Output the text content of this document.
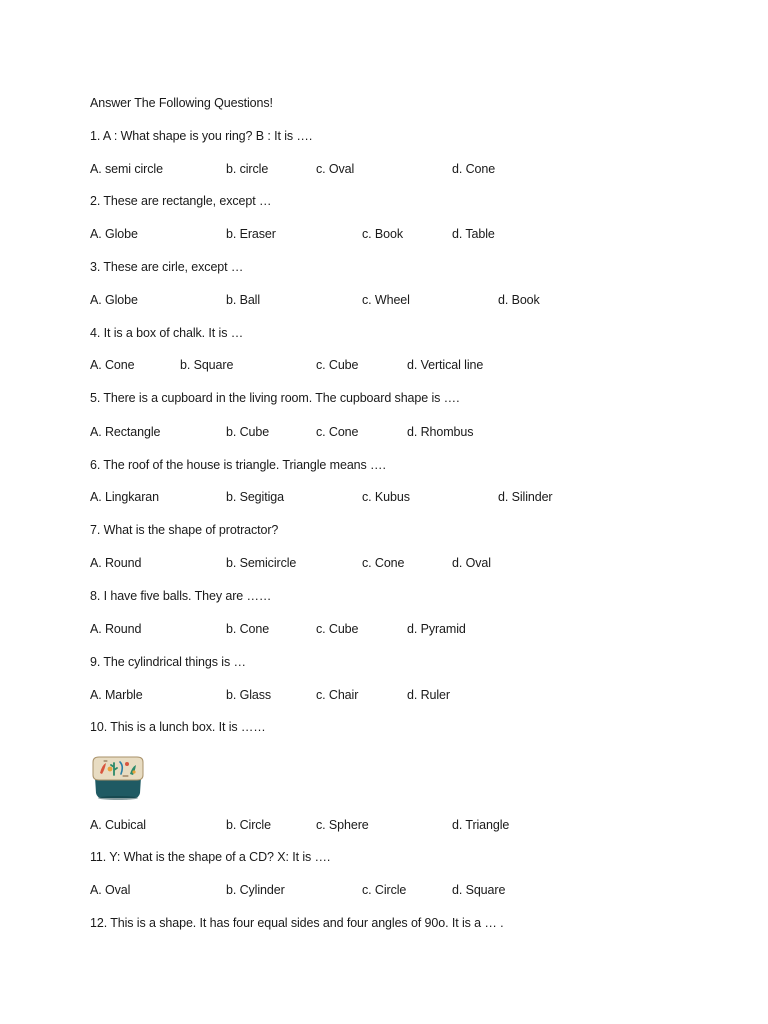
Answer The Following Questions!
1. A : What shape is you ring? B : It is ….
A. semi circle	b. circle	c. Oval	d. Cone
2. These are rectangle, except …
A. Globe	b. Eraser	c. Book	d. Table
3. These are cirle, except …
A. Globe	b. Ball	c. Wheel	d. Book
4. It is a box of chalk. It is …
A. Cone	b. Square	c. Cube	d. Vertical line
5. There is a cupboard in the living room. The cupboard shape is ….
A. Rectangle	b. Cube	c. Cone	d. Rhombus
6. The roof of the house is triangle. Triangle means ….
A. Lingkaran	b. Segitiga	c. Kubus	d. Silinder
7. What is the shape of protractor?
A. Round	b. Semicircle	c. Cone	d. Oval
8. I have five balls. They are ……
A. Round	b. Cone	c. Cube	d. Pyramid
9. The cylindrical things is …
A. Marble	b. Glass	c. Chair	d. Ruler
10. This is a lunch box. It is ……
A. Cubical	b. Circle	c. Sphere	d. Triangle
11. Y: What is the shape of a CD? X: It is ….
A. Oval	b. Cylinder	c. Circle	d. Square
12. This is a shape. It has four equal sides and four angles of 90o. It is a … .
